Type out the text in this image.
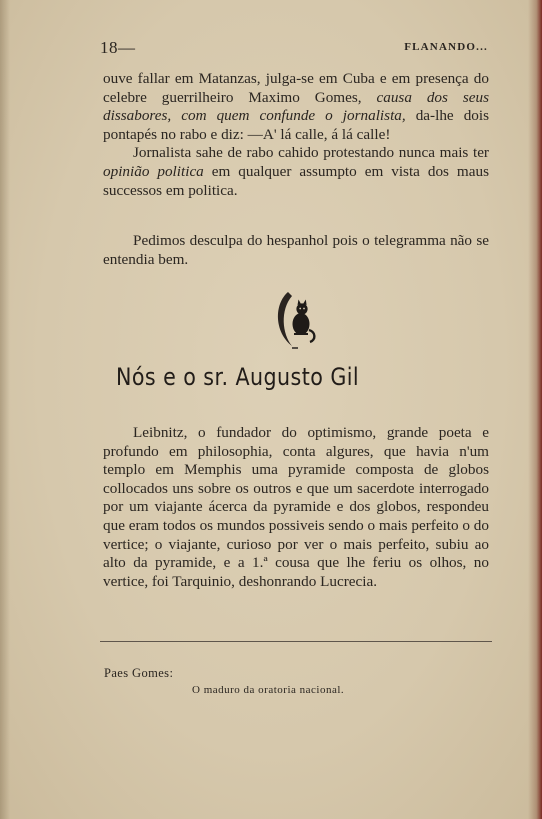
18—	FLANANDO...

ouve fallar em Matanzas, julga-se em Cuba e em presença do celebre guerrilheiro Maximo Gomes, causa dos seus dissabores, com quem confunde o jornalista, da-lhe dois pontapés no rabo e diz: —A' lá calle, á lá calle!

Jornalista sahe de rabo cahido protestando nunca mais ter opinião politica em qualquer assumpto em vista dos maus successos em politica.

Pedimos desculpa do hespanhol pois o telegramma não se entendia bem.

Nós e o sr. Augusto Gil

Leibnitz, o fundador do optimismo, grande poeta e profundo em philosophia, conta algures, que havia n'um templo em Memphis uma pyramide composta de globos collocados uns sobre os outros e que um sacerdote interrogado por um viajante ácerca da pyramide e dos globos, respondeu que eram todos os mundos possiveis sendo o mais perfeito o do vertice; o viajante, curioso por ver o mais perfeito, subiu ao alto da pyramide, e a 1.ª cousa que lhe feriu os olhos, no vertice, foi Tarquinio, deshonrando Lucrecia.

Paes Gomes:
O maduro da oratoria nacional.
